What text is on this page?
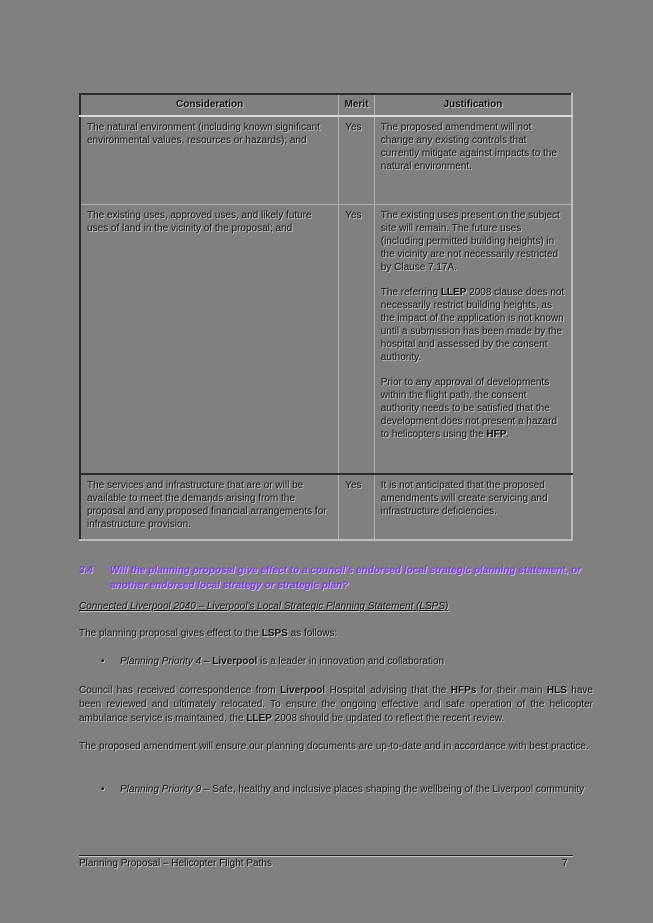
Consideration	Merit	Justification
The natural environment (including known significant environmental values, resources or hazards); and	Yes	The proposed amendment will not change any existing controls that currently mitigate against impacts to the natural environment.

The existing uses, approved uses, and likely future uses of land in the vicinity of the proposal; and	Yes	The existing uses present on the subject site will remain. The future uses (including permitted building heights) in the vicinity are not necessarily restricted by Clause 7.17A.

The referring LLEP 2008 clause does not necessarily restrict building heights, as the impact of the application is not known until a submission has been made by the hospital and assessed by the consent authority.

Prior to any approval of developments within the flight path, the consent authority needs to be satisfied that the development does not present a hazard to helicopters using the HFP.

The services and infrastructure that are or will be available to meet the demands arising from the proposal and any proposed financial arrangements for infrastructure provision.	Yes	It is not anticipated that the proposed amendments will create servicing and infrastructure deficiencies.

3.4 Will the planning proposal give effect to a council's endorsed local strategic planning statement, or another endorsed local strategy or strategic plan?
Connected Liverpool 2040 – Liverpool's Local Strategic Planning Statement (LSPS)
The planning proposal gives effect to the LSPS as follows:
• Planning Priority 4 – Liverpool is a leader in innovation and collaboration
Council has received correspondence from Liverpool Hospital advising that the HFPs for their main HLS have been reviewed and ultimately relocated. To ensure the ongoing effective and safe operation of the helicopter ambulance service is maintained, the LLEP 2008 should be updated to reflect the recent review.
The proposed amendment will ensure our planning documents are up-to-date and in accordance with best practice.
• Planning Priority 9 – Safe, healthy and inclusive places shaping the wellbeing of the Liverpool community
Planning Proposal – Helicopter Flight Paths	7
